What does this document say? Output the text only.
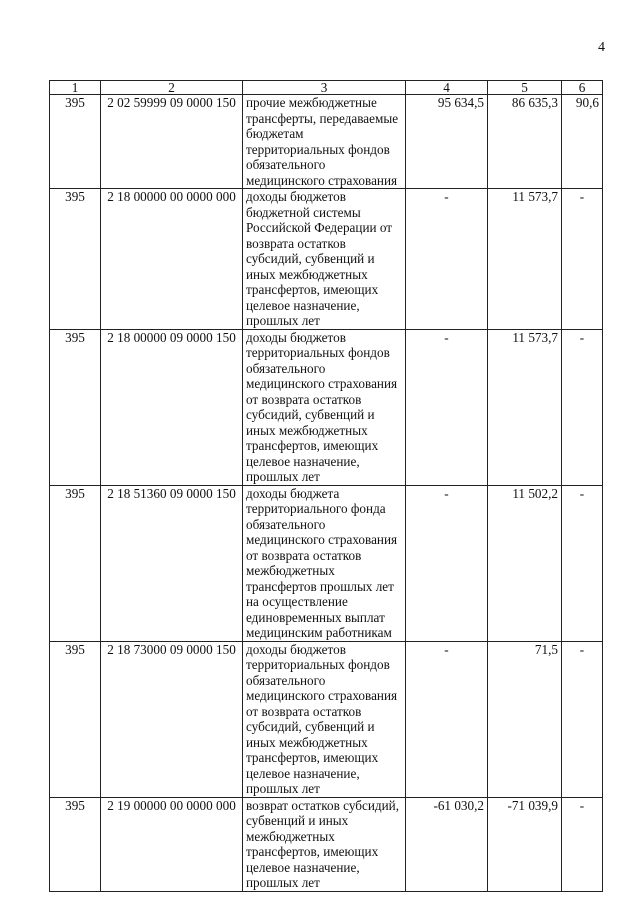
4
1	2	3	4	5	6
395	2 02 59999 09 0000 150	прочие межбюджетные трансферты, передаваемые бюджетам территориальных фондов обязательного медицинского страхования	95 634,5	86 635,3	90,6
395	2 18 00000 00 0000 000	доходы бюджетов бюджетной системы Российской Федерации от возврата остатков субсидий, субвенций и иных межбюджетных трансфертов, имеющих целевое назначение, прошлых лет	-	11 573,7	-
395	2 18 00000 09 0000 150	доходы бюджетов территориальных фондов обязательного медицинского страхования от возврата остатков субсидий, субвенций и иных межбюджетных трансфертов, имеющих целевое назначение, прошлых лет	-	11 573,7	-
395	2 18 51360 09 0000 150	доходы бюджета территориального фонда обязательного медицинского страхования от возврата остатков межбюджетных трансфертов прошлых лет на осуществление единовременных выплат медицинским работникам	-	11 502,2	-
395	2 18 73000 09 0000 150	доходы бюджетов территориальных фондов обязательного медицинского страхования от возврата остатков субсидий, субвенций и иных межбюджетных трансфертов, имеющих целевое назначение, прошлых лет	-	71,5	-
395	2 19 00000 00 0000 000	возврат остатков субсидий, субвенций и иных межбюджетных трансфертов, имеющих целевое назначение, прошлых лет	-61 030,2	-71 039,9	-
